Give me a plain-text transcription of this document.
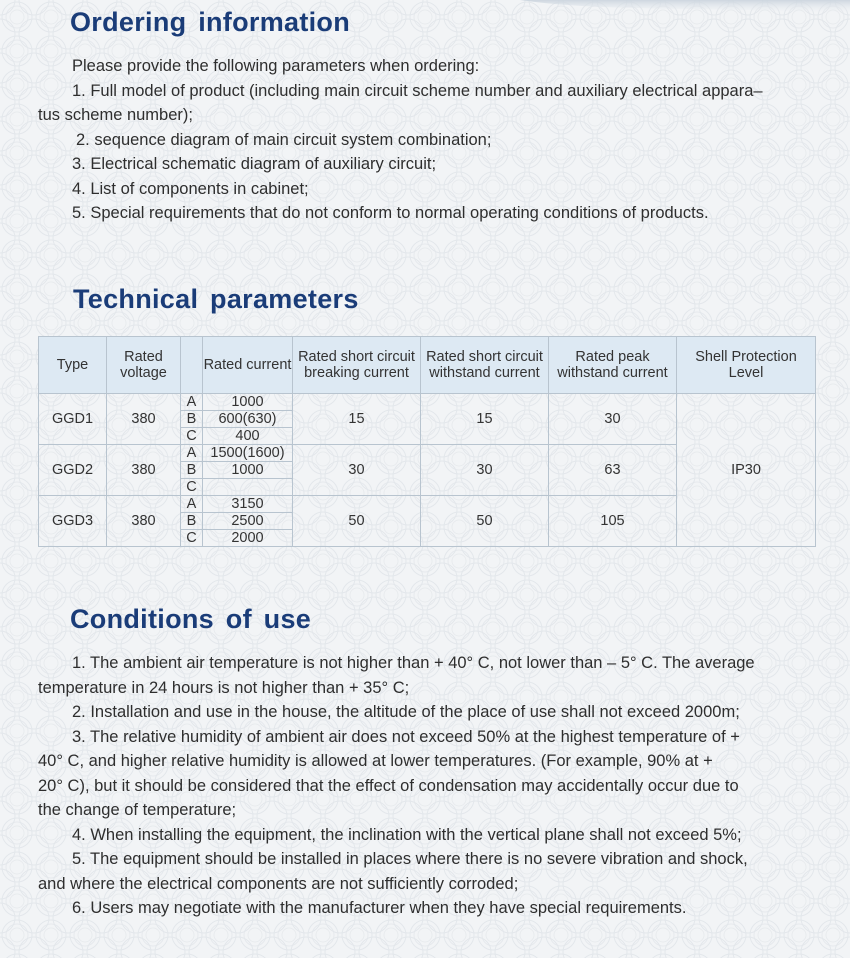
Ordering information
Please provide the following parameters when ordering:
1. Full model of product (including main circuit scheme number and auxiliary electrical appara–
tus scheme number);
2. sequence diagram of main circuit system combination;
3. Electrical schematic diagram of auxiliary circuit;
4. List of components in cabinet;
5. Special requirements that do not conform to normal operating conditions of products.
Technical parameters
Type	Rated voltage		Rated current	Rated short circuit breaking current	Rated short circuit withstand current	Rated peak withstand current	Shell Protection Level
GGD1	380	A	1000	15	15	30	IP30
		B	600(630)				
		C	400				
GGD2	380	A	1500(1600)	30	30	63	
		B	1000				
		C					
GGD3	380	A	3150	50	50	105	
		B	2500				
		C	2000				
Conditions of use
1. The ambient air temperature is not higher than + 40° C, not lower than – 5° C. The average
temperature in 24 hours is not higher than + 35° C;
2. Installation and use in the house, the altitude of the place of use shall not exceed 2000m;
3. The relative humidity of ambient air does not exceed 50% at the highest temperature of +
40° C, and higher relative humidity is allowed at lower temperatures. (For example, 90% at +
20° C), but it should be considered that the effect of condensation may accidentally occur due to
the change of temperature;
4. When installing the equipment, the inclination with the vertical plane shall not exceed 5%;
5. The equipment should be installed in places where there is no severe vibration and shock,
and where the electrical components are not sufficiently corroded;
6. Users may negotiate with the manufacturer when they have special requirements.
